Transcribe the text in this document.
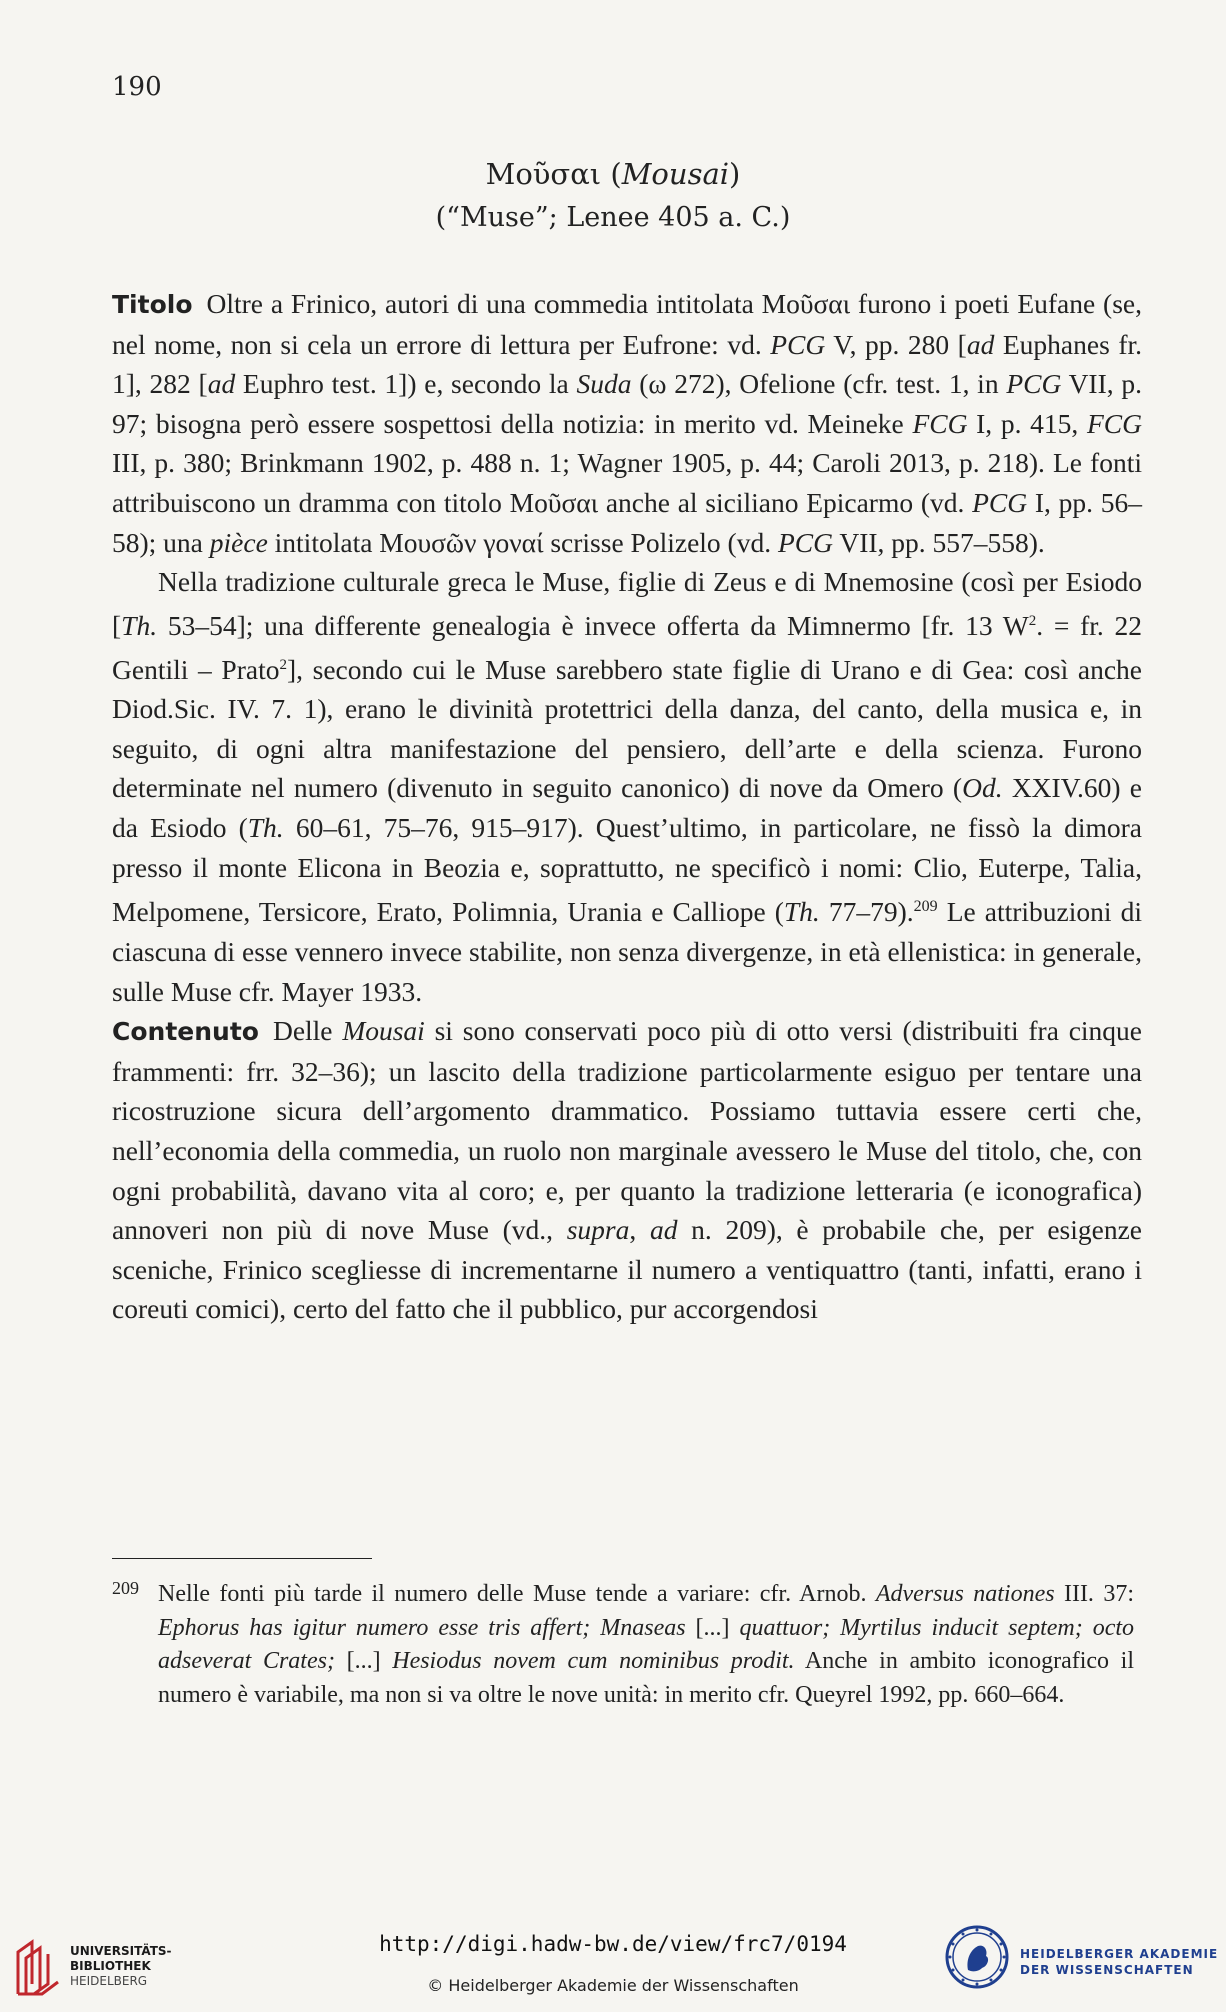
190
Μοῦσαι (Mousai)
(“Muse”; Lenee 405 a. C.)

Titolo Oltre a Frinico, autori di una commedia intitolata Μοῦσαι furono i poeti Eufane (se, nel nome, non si cela un errore di lettura per Eufrone: vd. PCG V, pp. 280 [ad Euphanes fr. 1], 282 [ad Euphro test. 1]) e, secondo la Suda (ω 272), Ofelione (cfr. test. 1, in PCG VII, p. 97; bisogna però essere sospettosi della notizia: in merito vd. Meineke FCG I, p. 415, FCG III, p. 380; Brinkmann 1902, p. 488 n. 1; Wagner 1905, p. 44; Caroli 2013, p. 218). Le fonti attribuiscono un dramma con titolo Μοῦσαι anche al siciliano Epicarmo (vd. PCG I, pp. 56–58); una pièce intitolata Μουσῶν γοναί scrisse Polizelo (vd. PCG VII, pp. 557–558).

Nella tradizione culturale greca le Muse, figlie di Zeus e di Mnemosine (così per Esiodo [Th. 53–54]; una differente genealogia è invece offerta da Mimnermo [fr. 13 $W^2$. = fr. 22 Gentili – Prato$^2$], secondo cui le Muse sarebbero state figlie di Urano e di Gea: così anche Diod.Sic. IV. 7. 1), erano le divinità protettrici della danza, del canto, della musica e, in seguito, di ogni altra manifestazione del pensiero, dell’arte e della scienza. Furono determinate nel numero (divenuto in seguito canonico) di nove da Omero (Od. XXIV.60) e da Esiodo (Th. 60–61, 75–76, 915–917). Quest’ultimo, in particolare, ne fissò la dimora presso il monte Elicona in Beozia e, soprattutto, ne specificò i nomi: Clio, Euterpe, Talia, Melpomene, Tersicore, Erato, Polimnia, Urania e Calliope (Th. 77–79).$^{209}$ Le attribuzioni di ciascuna di esse vennero invece stabilite, non senza divergenze, in età ellenistica: in generale, sulle Muse cfr. Mayer 1933.

Contenuto Delle Mousai si sono conservati poco più di otto versi (distribuiti fra cinque frammenti: frr. 32–36); un lascito della tradizione particolarmente esiguo per tentare una ricostruzione sicura dell’argomento drammatico. Possiamo tuttavia essere certi che, nell’economia della commedia, un ruolo non marginale avessero le Muse del titolo, che, con ogni probabilità, davano vita al coro; e, per quanto la tradizione letteraria (e iconografica) annoveri non più di nove Muse (vd., supra, ad n. 209), è probabile che, per esigenze sceniche, Frinico scegliesse di incrementarne il numero a ventiquattro (tanti, infatti, erano i coreuti comici), certo del fatto che il pubblico, pur accorgendosi

209 Nelle fonti più tarde il numero delle Muse tende a variare: cfr. Arnob. Adversus nationes III. 37: Ephorus has igitur numero esse tris affert; Mnaseas [...] quattuor; Myrtilus inducit septem; octo adseverat Crates; [...] Hesiodus novem cum nominibus prodit. Anche in ambito iconografico il numero è variabile, ma non si va oltre le nove unità: in merito cfr. Queyrel 1992, pp. 660–664.
UNIVERSITÄTS-
BIBLIOTHEK
HEIDELBERG
http://digi.hadw-bw.de/view/frc7/0194
© Heidelberger Akademie der Wissenschaften
HEIDELBERGER AKADEMIE
DER WISSENSCHAFTEN
